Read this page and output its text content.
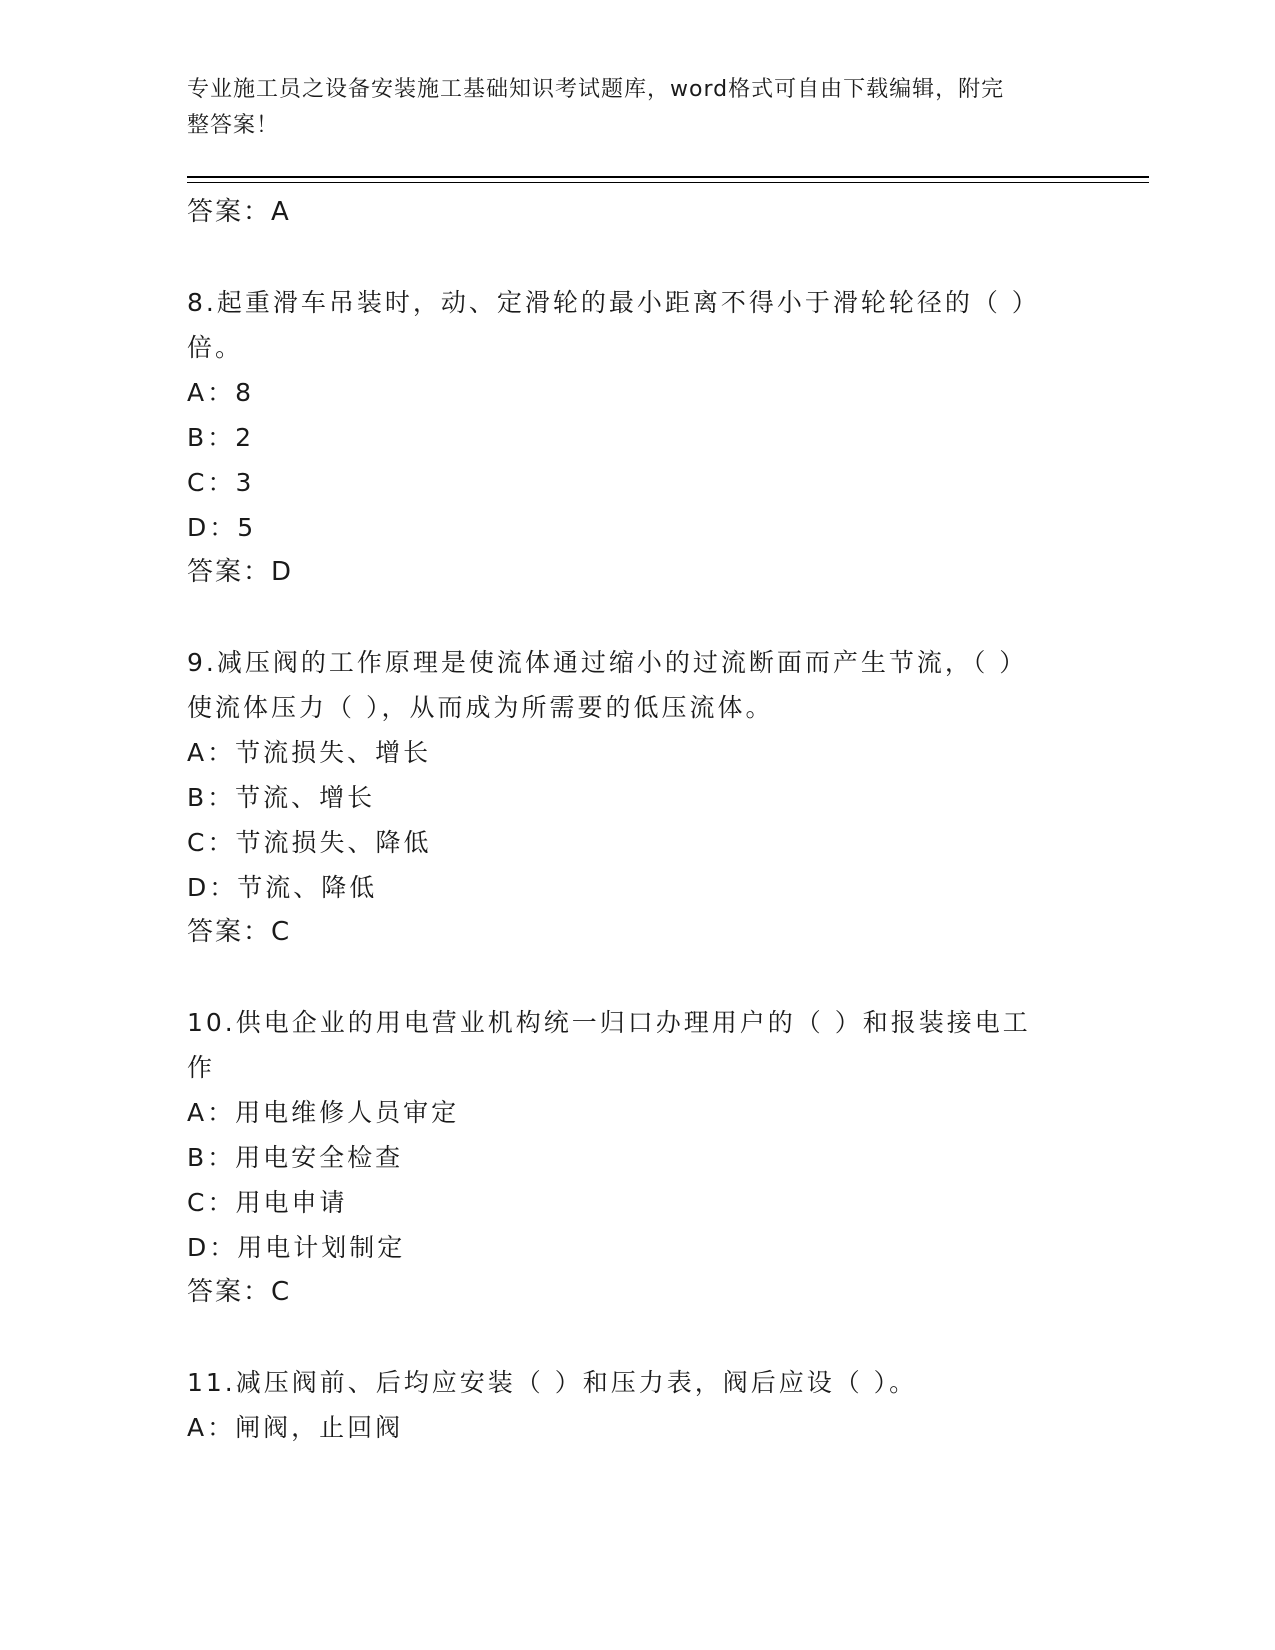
专业施工员之设备安装施工基础知识考试题库，word格式可自由下载编辑，附完
整答案！
答案：A
8.起重滑车吊装时，动、定滑轮的最小距离不得小于滑轮轮径的（ ）
倍。
A：8
B：2
C：3
D：5
答案：D
9.减压阀的工作原理是使流体通过缩小的过流断面而产生节流，（ ）
使流体压力（ ），从而成为所需要的低压流体。
A：节流损失、增长
B：节流、增长
C：节流损失、降低
D：节流、降低
答案：C
10.供电企业的用电营业机构统一归口办理用户的（ ）和报装接电工
作
A：用电维修人员审定
B：用电安全检查
C：用电申请
D：用电计划制定
答案：C
11.减压阀前、后均应安装（ ）和压力表，阀后应设（ ）。
A：闸阀，止回阀
